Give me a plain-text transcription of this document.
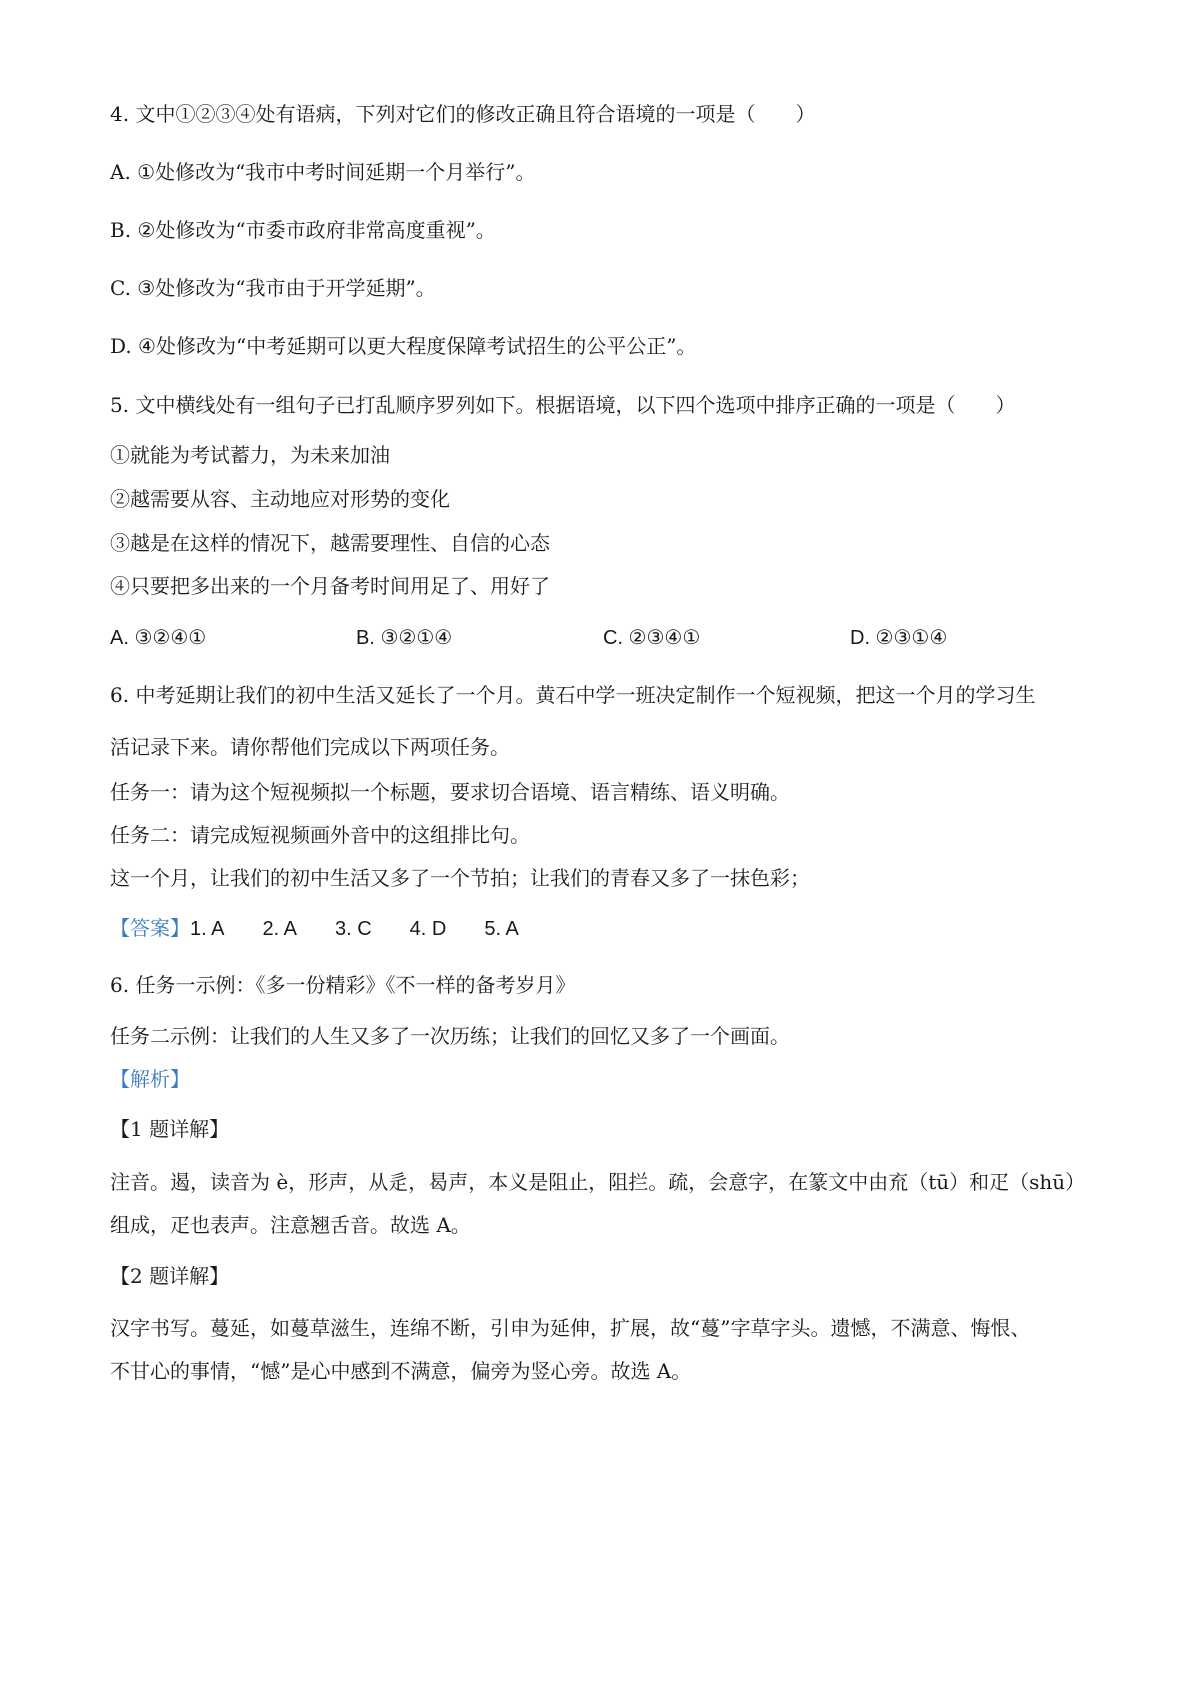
4. 文中①②③④处有语病，下列对它们的修改正确且符合语境的一项是（　　）
A. ①处修改为“我市中考时间延期一个月举行”。
B. ②处修改为“市委市政府非常高度重视”。
C. ③处修改为“我市由于开学延期”。
D. ④处修改为“中考延期可以更大程度保障考试招生的公平公正”。
5. 文中横线处有一组句子已打乱顺序罗列如下。根据语境，以下四个选项中排序正确的一项是（　　）
①就能为考试蓄力，为未来加油
②越需要从容、主动地应对形势的变化
③越是在这样的情况下，越需要理性、自信的心态
④只要把多出来的一个月备考时间用足了、用好了
A. ③②④①	B. ③②①④	C. ②③④①	D. ②③①④
6. 中考延期让我们的初中生活又延长了一个月。黄石中学一班决定制作一个短视频，把这一个月的学习生
活记录下来。请你帮他们完成以下两项任务。
任务一：请为这个短视频拟一个标题，要求切合语境、语言精练、语义明确。
任务二：请完成短视频画外音中的这组排比句。
这一个月，让我们的初中生活又多了一个节拍；让我们的青春又多了一抹色彩；
【答案】1. A 2. A 3. C 4. D 5. A
6. 任务一示例：《多一份精彩》《不一样的备考岁月》
任务二示例：让我们的人生又多了一次历练；让我们的回忆又多了一个画面。
【解析】
【1 题详解】
注音。遏，读音为 è，形声，从辵，曷声，本义是阻止，阻拦。疏，会意字，在篆文中由㐬（tū）和疋（shū）
组成，疋也表声。注意翘舌音。故选 A。
【2 题详解】
汉字书写。蔓延，如蔓草滋生，连绵不断，引申为延伸，扩展，故“蔓”字草字头。遗憾，不满意、悔恨、
不甘心的事情，“憾”是心中感到不满意，偏旁为竖心旁。故选 A。
